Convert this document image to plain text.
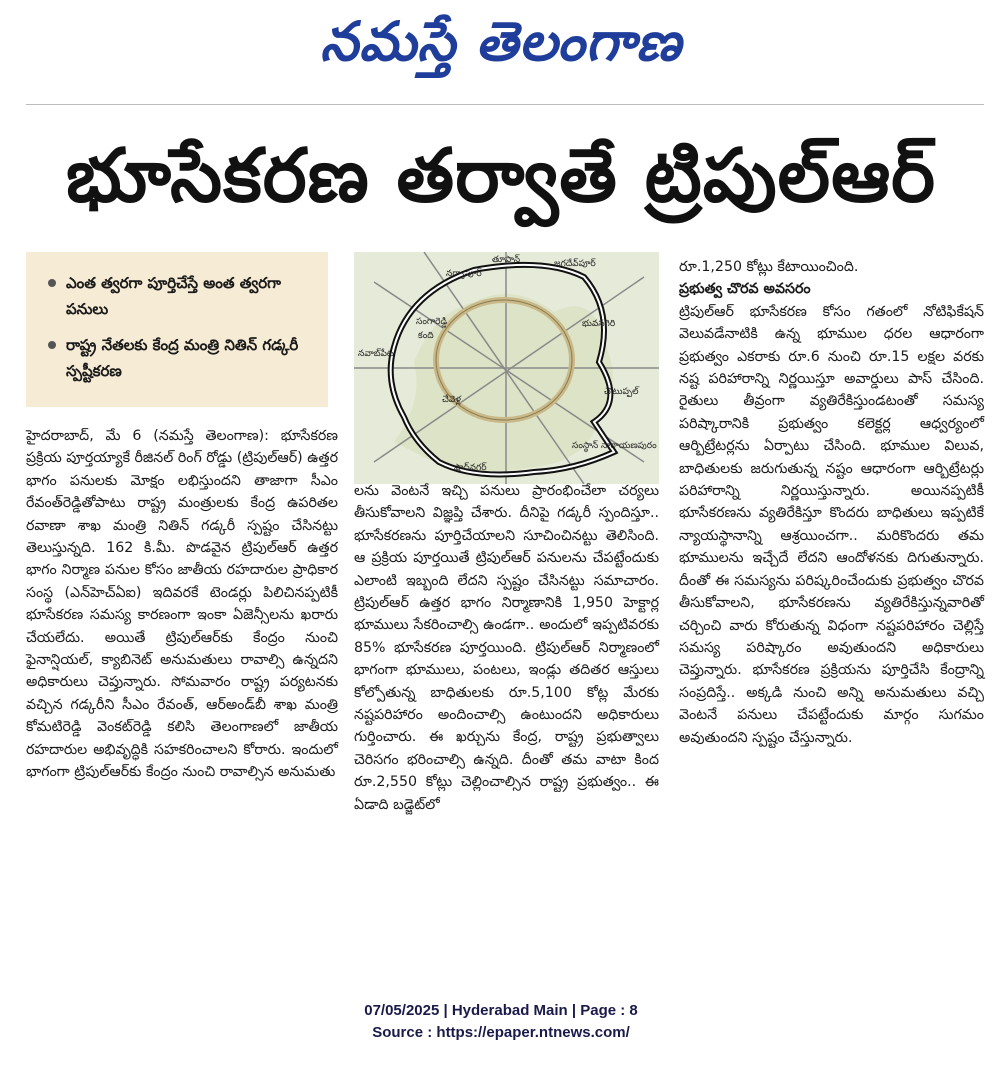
నమస్తే తెలంగాణ
భూసేకరణ తర్వాతే ట్రిపుల్‌ఆర్
ఎంత త్వరగా పూర్తిచేస్తే అంత త్వరగా పనులు
రాష్ట్ర నేతలకు కేంద్ర మంత్రి నితిన్ గడ్కరీ స్పష్టీకరణ
నర్సాపూర్
తూప్రాన్	జగదేవ్‌పూర్
సంగారెడ్డి
కంది
భువనగిరి
నవాబ్‌పేట
చేవెళ్ల
చౌటుప్పల్
షాద్‌నగర్
సంస్థాన్ నారాయణపురం

హైదరాబాద్, మే 6 (నమస్తే తెలంగాణ): భూసేకరణ ప్రక్రియ పూర్తయ్యాకే రీజినల్ రింగ్ రోడ్డు (ట్రిపుల్‌ఆర్) ఉత్తర భాగం పనులకు మోక్షం లభిస్తుందని తాజాగా సీఎం రేవంత్‌రెడ్డితోపాటు రాష్ట్ర మంత్రులకు కేంద్ర ఉపరితల రవాణా శాఖ మంత్రి నితిన్ గడ్కరీ స్పష్టం చేసినట్టు తెలుస్తున్నది. 162 కి.మీ. పొడవైన ట్రిపుల్‌ఆర్ ఉత్తర భాగం నిర్మాణ పనుల కోసం జాతీయ రహదారుల ప్రాధికార సంస్థ (ఎన్‌హెచ్‌ఏఐ) ఇదివరకే టెండర్లు పిలిచినప్పటికీ భూసేకరణ సమస్య కారణంగా ఇంకా ఏజెన్సీలను ఖరారు చేయలేదు. అయితే ట్రిపుల్‌ఆర్‌కు కేంద్రం నుంచి ఫైనాన్షియల్, క్యాబినెట్ అనుమతులు రావాల్సి ఉన్నదని అధికారులు చెప్తున్నారు. సోమవారం రాష్ట్ర పర్యటనకు వచ్చిన గడ్కరీని సీఎం రేవంత్, ఆర్‌అండ్‌బీ శాఖ మంత్రి కోమటిరెడ్డి వెంకట్‌రెడ్డి కలిసి తెలంగాణలో జాతీయ రహదారుల అభివృద్ధికి సహకరించాలని కోరారు. ఇందులో భాగంగా ట్రిపుల్‌ఆర్‌కు కేంద్రం నుంచి రావాల్సిన అనుమతు

లను వెంటనే ఇచ్చి పనులు ప్రారంభించేలా చర్యలు తీసుకోవాలని విజ్ఞప్తి చేశారు. దీనిపై గడ్కరీ స్పందిస్తూ.. భూసేకరణను పూర్తిచేయాలని సూచించినట్టు తెలిసింది. ఆ ప్రక్రియ పూర్తయితే ట్రిపుల్‌ఆర్ పనులను చేపట్టేందుకు ఎలాంటి ఇబ్బంది లేదని స్పష్టం చేసినట్టు సమాచారం. ట్రిపుల్‌ఆర్ ఉత్తర భాగం నిర్మాణానికి 1,950 హెక్టార్ల భూములు సేకరించాల్సి ఉండగా.. అందులో ఇప్పటివరకు 85% భూసేకరణ పూర్తయింది. ట్రిపుల్‌ఆర్ నిర్మాణంలో భాగంగా భూములు, పంటలు, ఇండ్లు తదితర ఆస్తులు కోల్పోతున్న బాధితులకు రూ.5,100 కోట్ల మేరకు నష్టపరిహారం అందించాల్సి ఉంటుందని అధికారులు గుర్తించారు. ఈ ఖర్చును కేంద్ర, రాష్ట్ర ప్రభుత్వాలు చెరిసగం భరించాల్సి ఉన్నది. దీంతో తమ వాటా కింద రూ.2,550 కోట్లు చెల్లించాల్సిన రాష్ట్ర ప్రభుత్వం.. ఈ ఏడాది బడ్జెట్‌లో

రూ.1,250 కోట్లు కేటాయించింది.

ప్రభుత్వ చొరవ అవసరం

ట్రిపుల్‌ఆర్ భూసేకరణ కోసం గతంలో నోటిఫికేషన్ వెలువడేనాటికి ఉన్న భూముల ధరల ఆధారంగా ప్రభుత్వం ఎకరాకు రూ.6 నుంచి రూ.15 లక్షల వరకు నష్ట పరిహారాన్ని నిర్ణయిస్తూ అవార్డులు పాస్ చేసింది. రైతులు తీవ్రంగా వ్యతిరేకిస్తుండటంతో సమస్య పరిష్కారానికి ప్రభుత్వం కలెక్టర్ల ఆధ్వర్యంలో ఆర్బిట్రేటర్లను ఏర్పాటు చేసింది. భూముల విలువ, బాధితులకు జరుగుతున్న నష్టం ఆధారంగా ఆర్బిట్రేటర్లు పరిహారాన్ని నిర్ణయిస్తున్నారు. అయినప్పటికీ భూసేకరణను వ్యతిరేకిస్తూ కొందరు బాధితులు ఇప్పటికే న్యాయస్థానాన్ని ఆశ్రయించగా.. మరికొందరు తమ భూములను ఇచ్చేదే లేదని ఆందోళనకు దిగుతున్నారు. దీంతో ఈ సమస్యను పరిష్కరించేందుకు ప్రభుత్వం చొరవ తీసుకోవాలని, భూసేకరణను వ్యతిరేకిస్తున్నవారితో చర్చించి వారు కోరుతున్న విధంగా నష్టపరిహారం చెల్లిస్తే సమస్య పరిష్కారం అవుతుందని అధికారులు చెప్తున్నారు. భూసేకరణ ప్రక్రియను పూర్తిచేసి కేంద్రాన్ని సంప్రదిస్తే.. అక్కడి నుంచి అన్ని అనుమతులు వచ్చి వెంటనే పనులు చేపట్టేందుకు మార్గం సుగమం అవుతుందని స్పష్టం చేస్తున్నారు.

07/05/2025 | Hyderabad Main | Page : 8
Source : https://epaper.ntnews.com/
